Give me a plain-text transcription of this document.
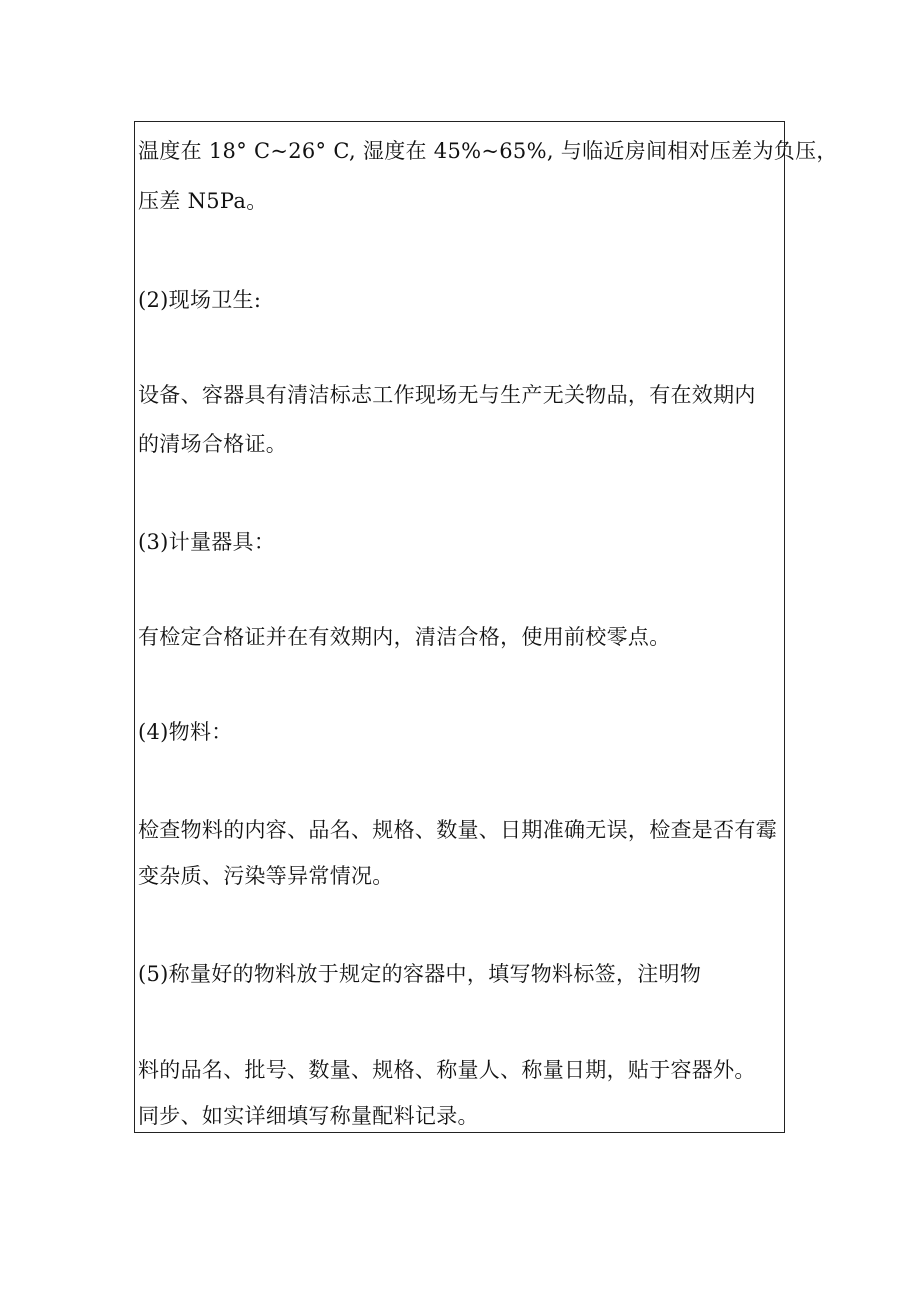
温度在 18° C~26° C, 湿度在 45%~65%, 与临近房间相对压差为负压，
压差 N5Pa。
(2)现场卫生:
设备、容器具有清洁标志工作现场无与生产无关物品，有在效期内
的清场合格证。
(3)计量器具：
有检定合格证并在有效期内，清洁合格，使用前校零点。
(4)物料：
检查物料的内容、品名、规格、数量、日期准确无误，检查是否有霉
变杂质、污染等异常情况。
(5)称量好的物料放于规定的容器中，填写物料标签，注明物
料的品名、批号、数量、规格、称量人、称量日期，贴于容器外。
同步、如实详细填写称量配料记录。
